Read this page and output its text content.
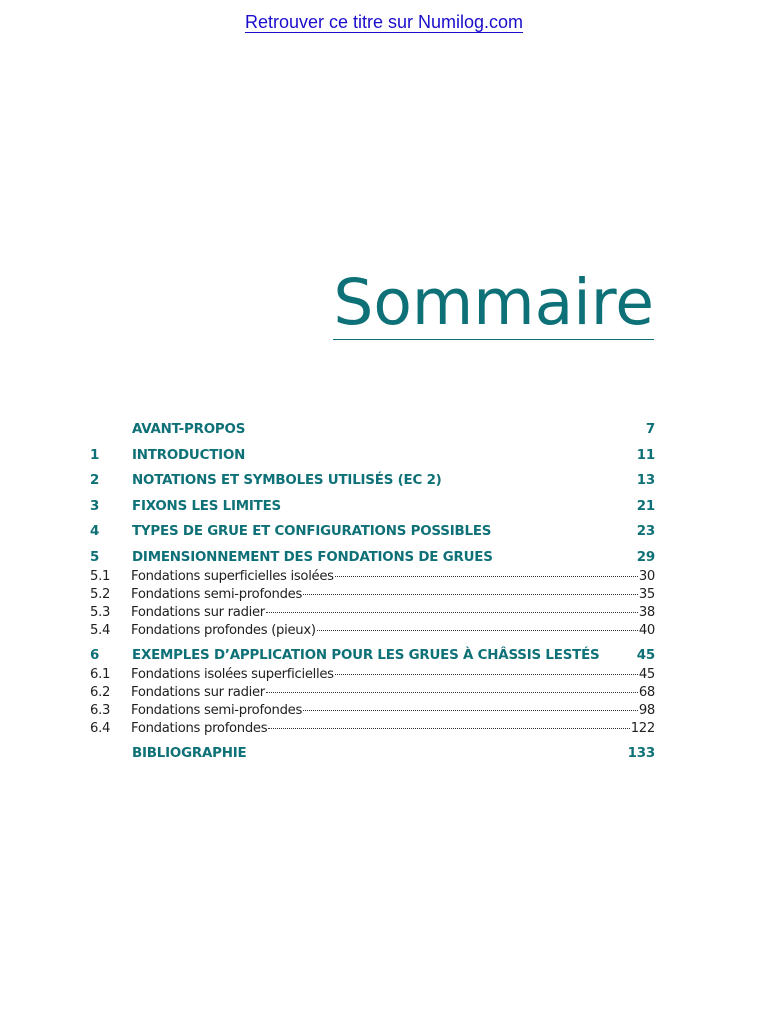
Retrouver ce titre sur Numilog.com
Sommaire
AVANT-PROPOS	7
1	INTRODUCTION	11
2	NOTATIONS ET SYMBOLES UTILISÉS (EC 2)	13
3	FIXONS LES LIMITES	21
4	TYPES DE GRUE ET CONFIGURATIONS POSSIBLES	23
5	DIMENSIONNEMENT DES FONDATIONS DE GRUES	29
5.1	Fondations superficielles isolées	30
5.2	Fondations semi-profondes	35
5.3	Fondations sur radier	38
5.4	Fondations profondes (pieux)	40
6	EXEMPLES D’APPLICATION POUR LES GRUES À CHÂSSIS LESTÉS	45
6.1	Fondations isolées superficielles	45
6.2	Fondations sur radier	68
6.3	Fondations semi-profondes	98
6.4	Fondations profondes	122
BIBLIOGRAPHIE	133
